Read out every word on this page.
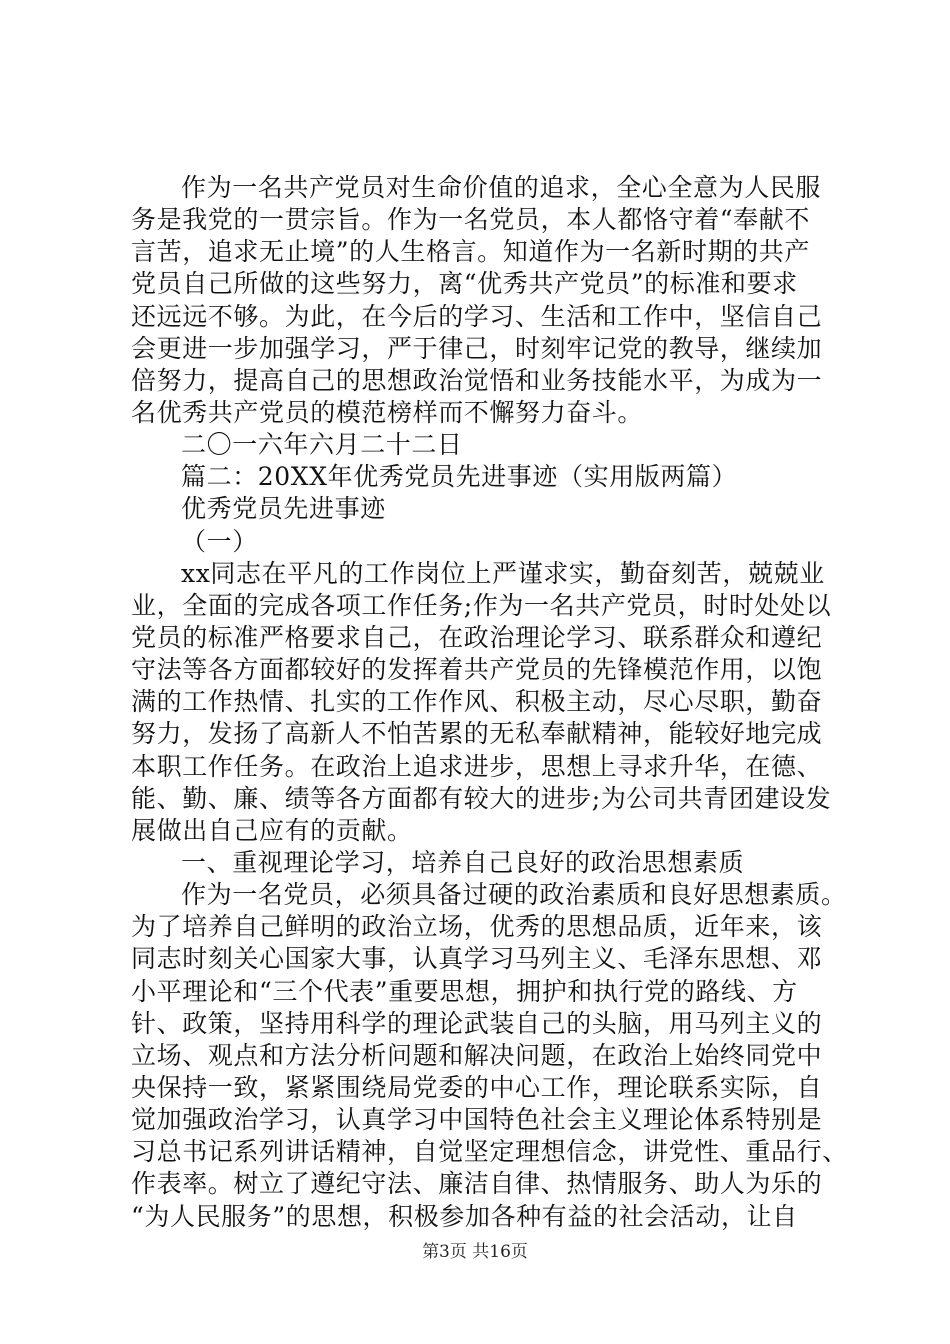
作为一名共产党员对生命价值的追求，全心全意为人民服
务是我党的一贯宗旨。作为一名党员，本人都恪守着“奉献不
言苦，追求无止境”的人生格言。知道作为一名新时期的共产
党员自己所做的这些努力，离“优秀共产党员”的标准和要求
还远远不够。为此，在今后的学习、生活和工作中，坚信自己
会更进一步加强学习，严于律己，时刻牢记党的教导，继续加
倍努力，提高自己的思想政治觉悟和业务技能水平，为成为一
名优秀共产党员的模范榜样而不懈努力奋斗。
二〇一六年六月二十二日
篇二：20XX年优秀党员先进事迹（实用版两篇）
优秀党员先进事迹
（一）
xx同志在平凡的工作岗位上严谨求实，勤奋刻苦，兢兢业
业，全面的完成各项工作任务;作为一名共产党员，时时处处以
党员的标准严格要求自己，在政治理论学习、联系群众和遵纪
守法等各方面都较好的发挥着共产党员的先锋模范作用，以饱
满的工作热情、扎实的工作作风、积极主动，尽心尽职，勤奋
努力，发扬了高新人不怕苦累的无私奉献精神，能较好地完成
本职工作任务。在政治上追求进步，思想上寻求升华，在德、
能、勤、廉、绩等各方面都有较大的进步;为公司共青团建设发
展做出自己应有的贡献。
一、重视理论学习，培养自己良好的政治思想素质
作为一名党员，必须具备过硬的政治素质和良好思想素质。
为了培养自己鲜明的政治立场，优秀的思想品质，近年来，该
同志时刻关心国家大事，认真学习马列主义、毛泽东思想、邓
小平理论和“三个代表”重要思想，拥护和执行党的路线、方
针、政策，坚持用科学的理论武装自己的头脑，用马列主义的
立场、观点和方法分析问题和解决问题，在政治上始终同党中
央保持一致，紧紧围绕局党委的中心工作，理论联系实际，自
觉加强政治学习，认真学习中国特色社会主义理论体系特别是
习总书记系列讲话精神，自觉坚定理想信念，讲党性、重品行、
作表率。树立了遵纪守法、廉洁自律、热情服务、助人为乐的
“为人民服务”的思想，积极参加各种有益的社会活动，让自
第3页 共16页
